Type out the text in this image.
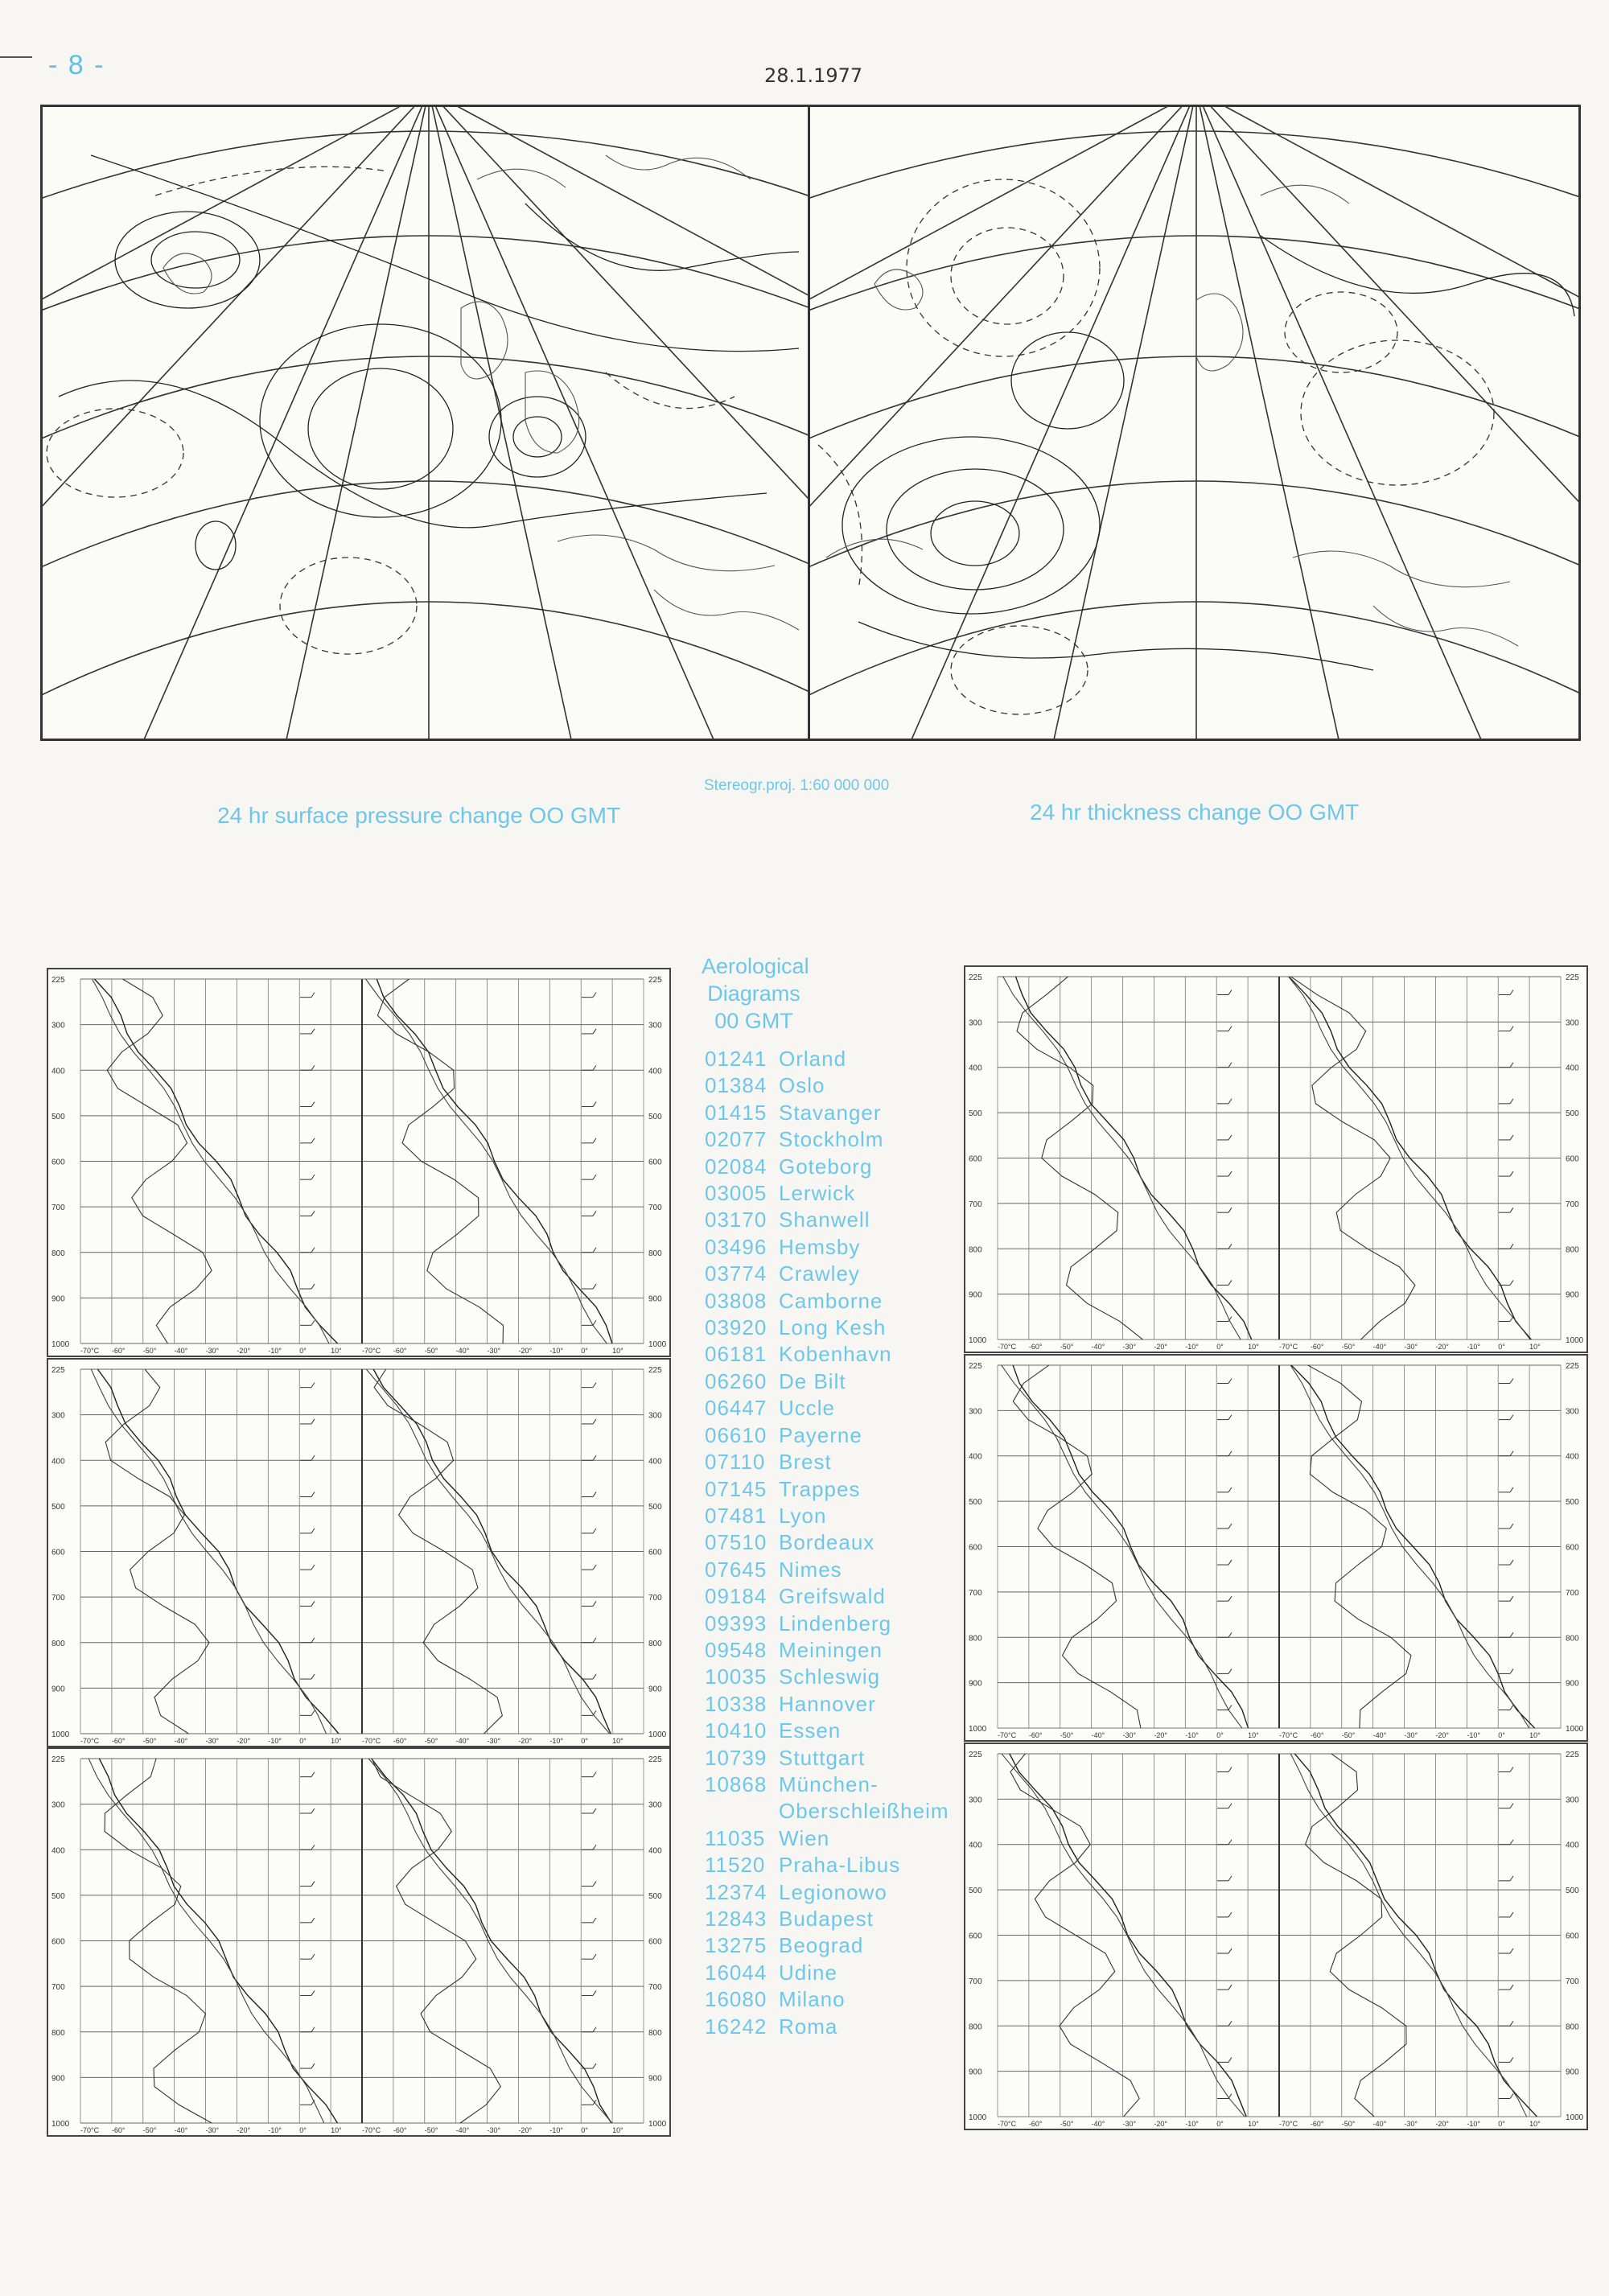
- 8 -	28.1.1977
Stereogr.proj. 1:60 000 000
24 hr surface pressure change OO GMT	24 hr thickness change OO GMT
225	225
300	300
400	400
500	500
600	600
700	700
800	800
900	900
1000	1000
-70°C	-70°C
-60°	-60°
-50°	-50°
-40°	-40°
-30°	-30°
-20°	-20°
-10°	-10°
0°	0°
10°	10°
225	225
300	300
400	400
500	500
600	600
700	700
800	800
900	900
1000	1000
-70°C	-70°C
-60°	-60°
-50°	-50°
-40°	-40°
-30°	-30°
-20°	-20°
-10°	-10°
0°	0°
10°	10°
225	225
300	300
400	400
500	500
600	600
700	700
800	800
900	900
1000	1000
-70°C	-70°C
-60°	-60°
-50°	-50°
-40°	-40°
-30°	-30°
-20°	-20°
-10°	-10°
0°	0°
10°	10°
225	225
300	300
400	400
500	500
600	600
700	700
800	800
900	900
1000	1000
-70°C	-70°C
-60°	-60°
-50°	-50°
-40°	-40°
-30°	-30°
-20°	-20°
-10°	-10°
0°	0°
10°	10°
225	225
300	300
400	400
500	500
600	600
700	700
800	800
900	900
1000	1000
-70°C	-70°C
-60°	-60°
-50°	-50°
-40°	-40°
-30°	-30°
-20°	-20°
-10°	-10°
0°	0°
10°	10°
225	225
300	300
400	400
500	500
600	600
700	700
800	800
900	900
1000	1000
-70°C	-70°C
-60°	-60°
-50°	-50°
-40°	-40°
-30°	-30°
-20°	-20°
-10°	-10°
0°	0°
10°	10°
Aerological
Diagrams
00 GMT
01241 Orland
01384 Oslo
01415 Stavanger
02077 Stockholm
02084 Goteborg
03005 Lerwick
03170 Shanwell
03496 Hemsby
03774 Crawley
03808 Camborne
03920 Long Kesh
06181 Kobenhavn
06260 De Bilt
06447 Uccle
06610 Payerne
07110 Brest
07145 Trappes
07481 Lyon
07510 Bordeaux
07645 Nimes
09184 Greifswald
09393 Lindenberg
09548 Meiningen
10035 Schleswig
10338 Hannover
10410 Essen
10739 Stuttgart
10868 München-
Oberschleißheim
11035 Wien
11520 Praha-Libus
12374 Legionowo
12843 Budapest
13275 Beograd
16044 Udine
16080 Milano
16242 Roma
